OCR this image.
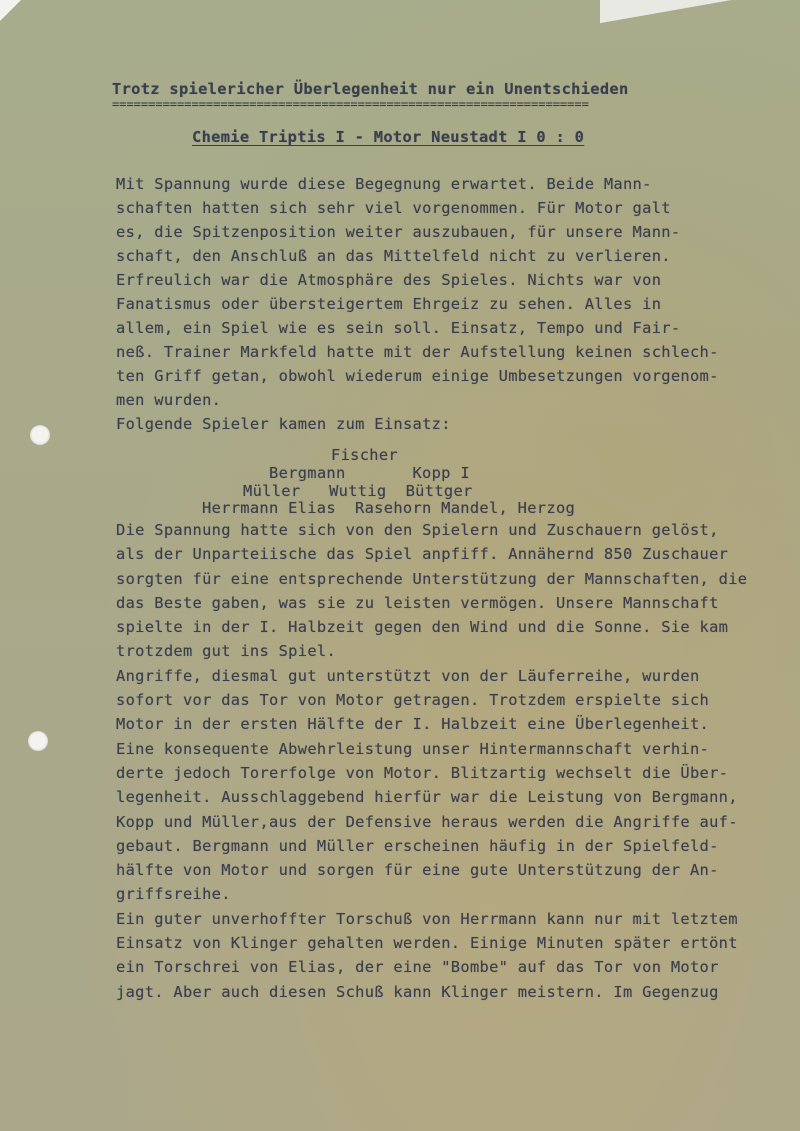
Trotz spielericher Überlegenheit nur ein Unentschieden

==================================================================

Chemie Triptis I - Motor Neustadt I 0 : 0

Mit Spannung wurde diese Begegnung erwartet. Beide Mann-
schaften hatten sich sehr viel vorgenommen. Für Motor galt
es, die Spitzenposition weiter auszubauen, für unsere Mann-
schaft, den Anschluß an das Mittelfeld nicht zu verlieren.
Erfreulich war die Atmosphäre des Spieles. Nichts war von
Fanatismus oder übersteigertem Ehrgeiz zu sehen. Alles in
allem, ein Spiel wie es sein soll. Einsatz, Tempo und Fair-
neß. Trainer Markfeld hatte mit der Aufstellung keinen schlech-
ten Griff getan, obwohl wiederum einige Umbesetzungen vorgenom-
men wurden.
Folgende Spieler kamen zum Einsatz:

Fischer
Bergmann       Kopp I
Müller   Wuttig  Büttger
Herrmann Elias  Rasehorn Mandel, Herzog

Die Spannung hatte sich von den Spielern und Zuschauern gelöst,
als der Unparteiische das Spiel anpfiff. Annähernd 850 Zuschauer
sorgten für eine entsprechende Unterstützung der Mannschaften, die
das Beste gaben, was sie zu leisten vermögen. Unsere Mannschaft
spielte in der I. Halbzeit gegen den Wind und die Sonne. Sie kam
trotzdem gut ins Spiel.
Angriffe, diesmal gut unterstützt von der Läuferreihe, wurden
sofort vor das Tor von Motor getragen. Trotzdem erspielte sich
Motor in der ersten Hälfte der I. Halbzeit eine Überlegenheit.
Eine konsequente Abwehrleistung unser Hintermannschaft verhin-
derte jedoch Torerfolge von Motor. Blitzartig wechselt die Über-
legenheit. Ausschlaggebend hierfür war die Leistung von Bergmann,
Kopp und Müller,aus der Defensive heraus werden die Angriffe auf-
gebaut. Bergmann und Müller erscheinen häufig in der Spielfeld-
hälfte von Motor und sorgen für eine gute Unterstützung der An-
griffsreihe.
Ein guter unverhoffter Torschuß von Herrmann kann nur mit letztem
Einsatz von Klinger gehalten werden. Einige Minuten später ertönt
ein Torschrei von Elias, der eine "Bombe" auf das Tor von Motor
jagt. Aber auch diesen Schuß kann Klinger meistern. Im Gegenzug
